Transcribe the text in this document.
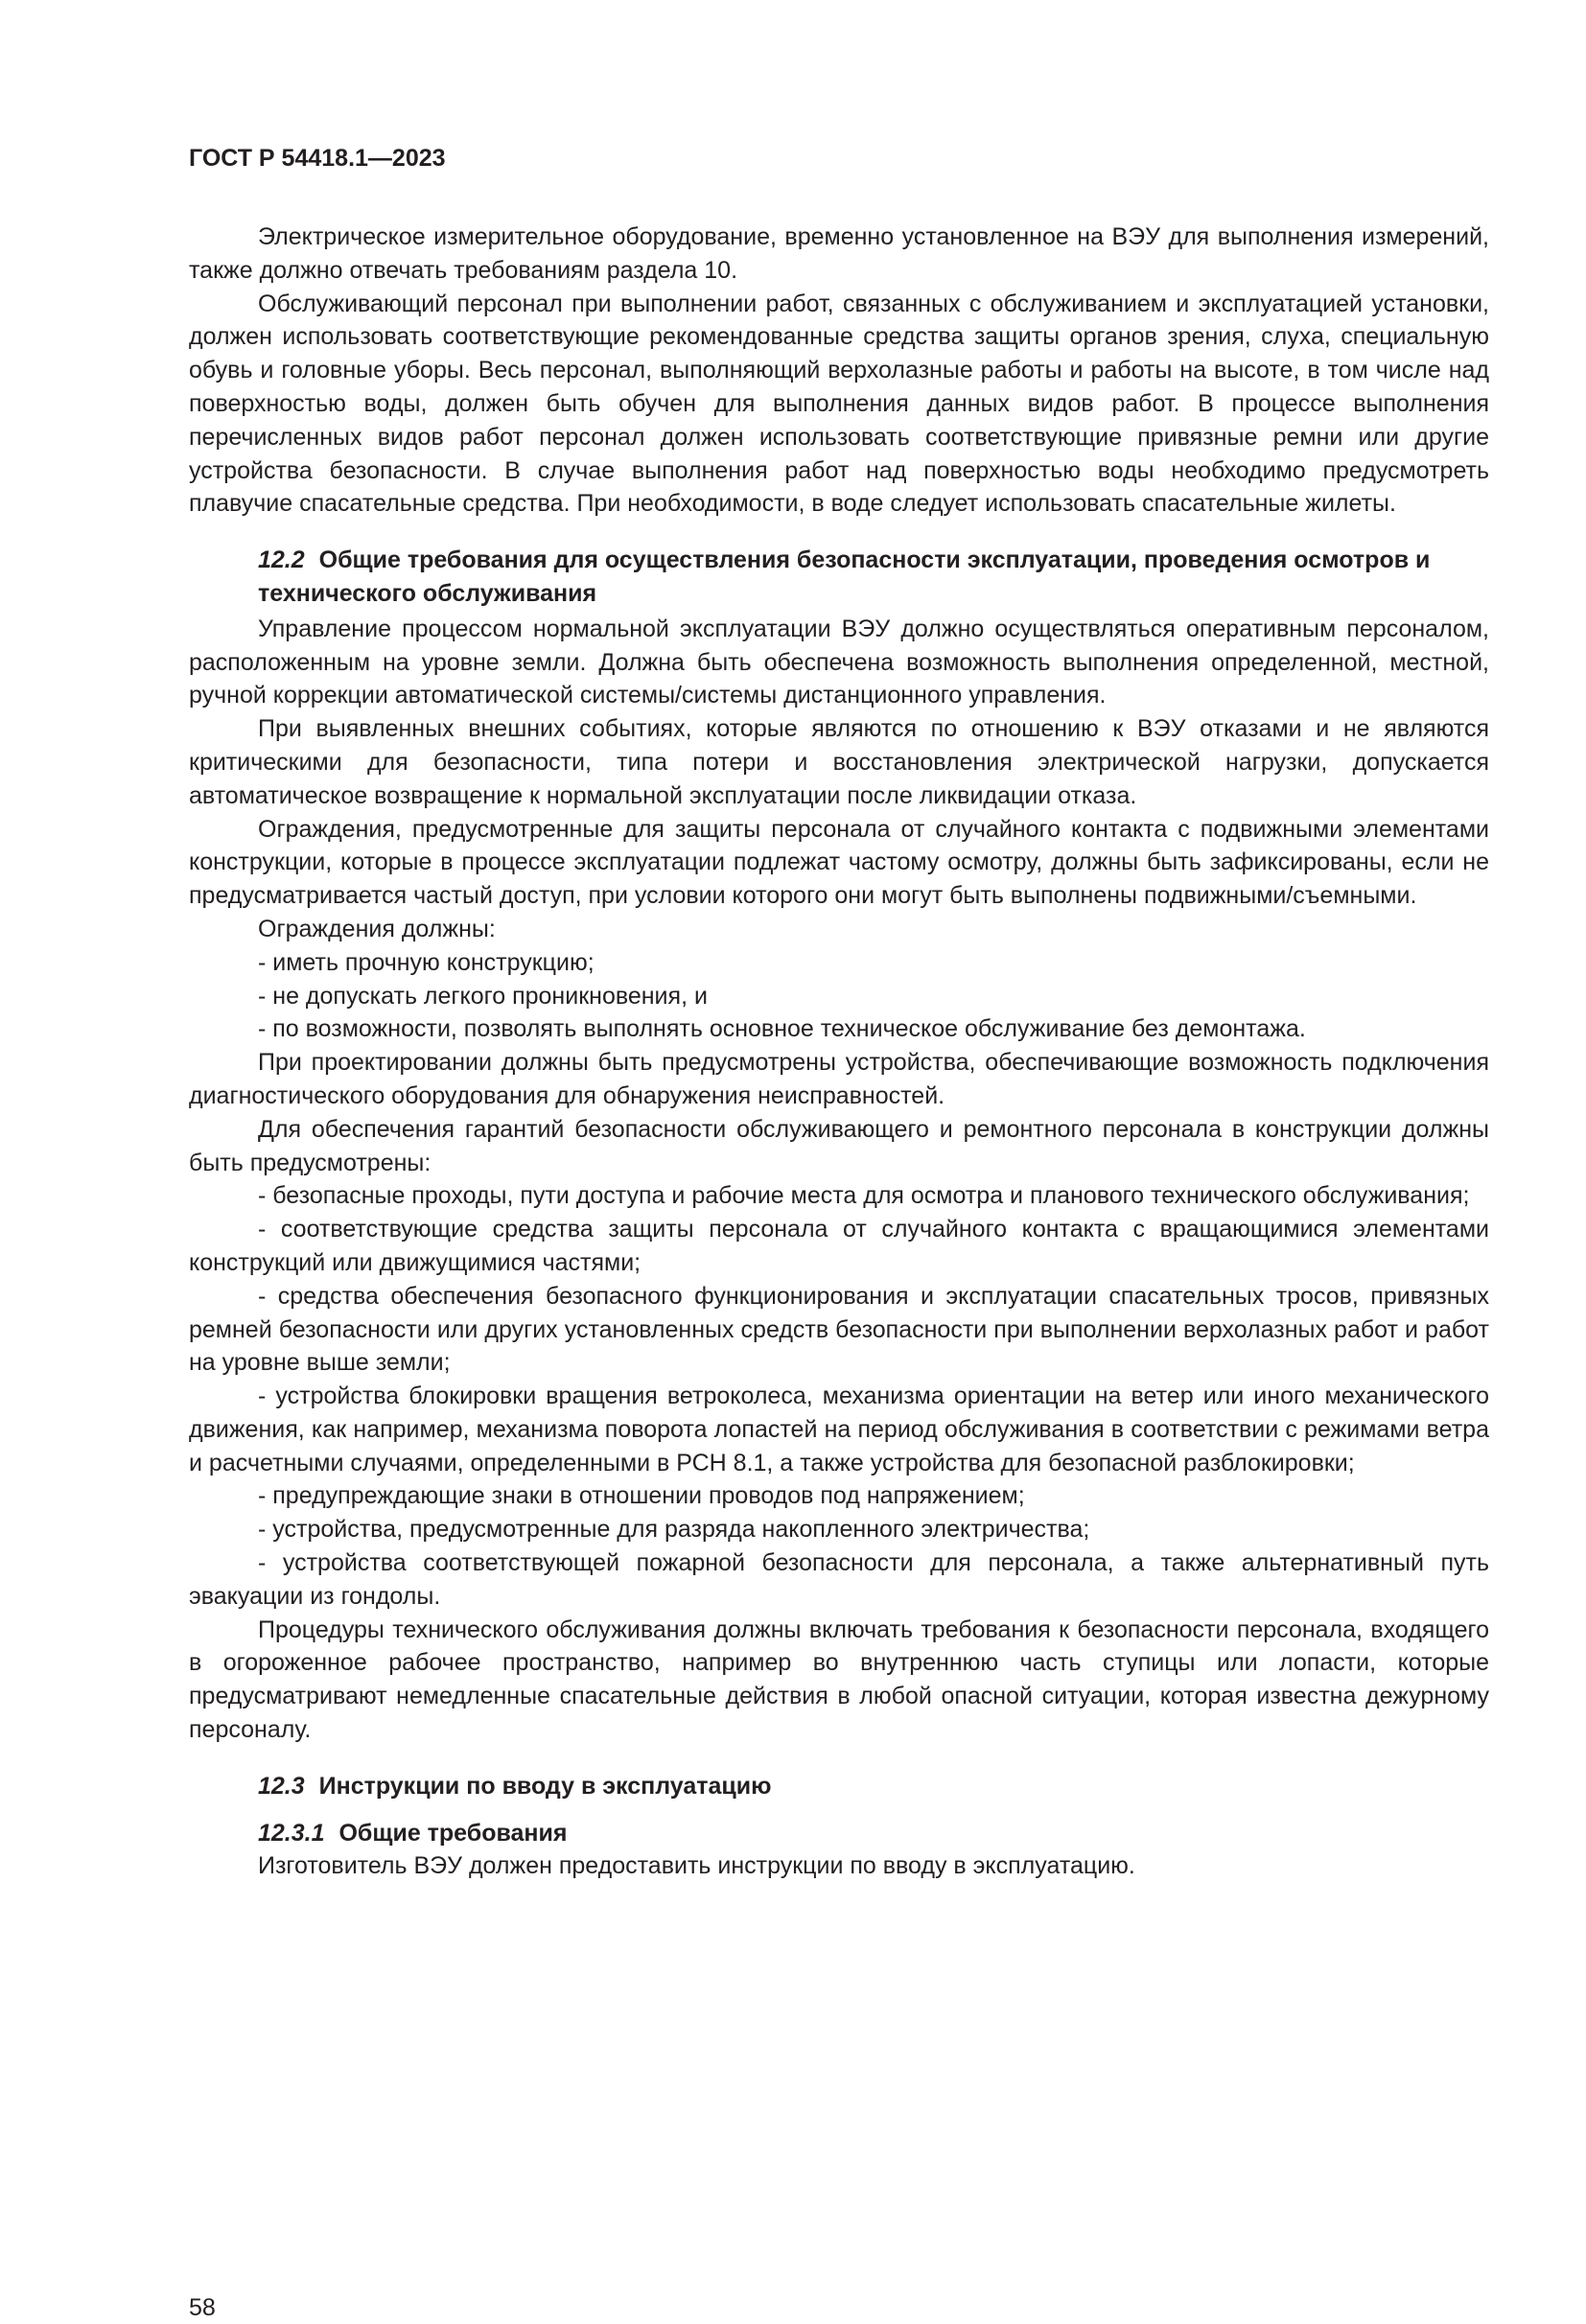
ГОСТ Р 54418.1—2023

Электрическое измерительное оборудование, временно установленное на ВЭУ для выполнения измерений, также должно отвечать требованиям раздела 10.

Обслуживающий персонал при выполнении работ, связанных с обслуживанием и эксплуатацией установки, должен использовать соответствующие рекомендованные средства защиты органов зрения, слуха, специальную обувь и головные уборы. Весь персонал, выполняющий верхолазные работы и работы на высоте, в том числе над поверхностью воды, должен быть обучен для выполнения данных видов работ. В процессе выполнения перечисленных видов работ персонал должен использовать соответствующие привязные ремни или другие устройства безопасности. В случае выполнения работ над поверхностью воды необходимо предусмотреть плавучие спасательные средства. При необходимости, в воде следует использовать спасательные жилеты.

12.2 Общие требования для осуществления безопасности эксплуатации, проведения осмотров и технического обслуживания

Управление процессом нормальной эксплуатации ВЭУ должно осуществляться оперативным персоналом, расположенным на уровне земли. Должна быть обеспечена возможность выполнения определенной, местной, ручной коррекции автоматической системы/системы дистанционного управления.

При выявленных внешних событиях, которые являются по отношению к ВЭУ отказами и не являются критическими для безопасности, типа потери и восстановления электрической нагрузки, допускается автоматическое возвращение к нормальной эксплуатации после ликвидации отказа.

Ограждения, предусмотренные для защиты персонала от случайного контакта с подвижными элементами конструкции, которые в процессе эксплуатации подлежат частому осмотру, должны быть зафиксированы, если не предусматривается частый доступ, при условии которого они могут быть выполнены подвижными/съемными.

Ограждения должны:

- иметь прочную конструкцию;

- не допускать легкого проникновения, и

- по возможности, позволять выполнять основное техническое обслуживание без демонтажа.

При проектировании должны быть предусмотрены устройства, обеспечивающие возможность подключения диагностического оборудования для обнаружения неисправностей.

Для обеспечения гарантий безопасности обслуживающего и ремонтного персонала в конструкции должны быть предусмотрены:

- безопасные проходы, пути доступа и рабочие места для осмотра и планового технического обслуживания;

- соответствующие средства защиты персонала от случайного контакта с вращающимися элементами конструкций или движущимися частями;

- средства обеспечения безопасного функционирования и эксплуатации спасательных тросов, привязных ремней безопасности или других установленных средств безопасности при выполнении верхолазных работ и работ на уровне выше земли;

- устройства блокировки вращения ветроколеса, механизма ориентации на ветер или иного механического движения, как например, механизма поворота лопастей на период обслуживания в соответствии с режимами ветра и расчетными случаями, определенными в РСН 8.1, а также устройства для безопасной разблокировки;

- предупреждающие знаки в отношении проводов под напряжением;

- устройства, предусмотренные для разряда накопленного электричества;

- устройства соответствующей пожарной безопасности для персонала, а также альтернативный путь эвакуации из гондолы.

Процедуры технического обслуживания должны включать требования к безопасности персонала, входящего в огороженное рабочее пространство, например во внутреннюю часть ступицы или лопасти, которые предусматривают немедленные спасательные действия в любой опасной ситуации, которая известна дежурному персоналу.

12.3 Инструкции по вводу в эксплуатацию
12.3.1 Общие требования

Изготовитель ВЭУ должен предоставить инструкции по вводу в эксплуатацию.

58
